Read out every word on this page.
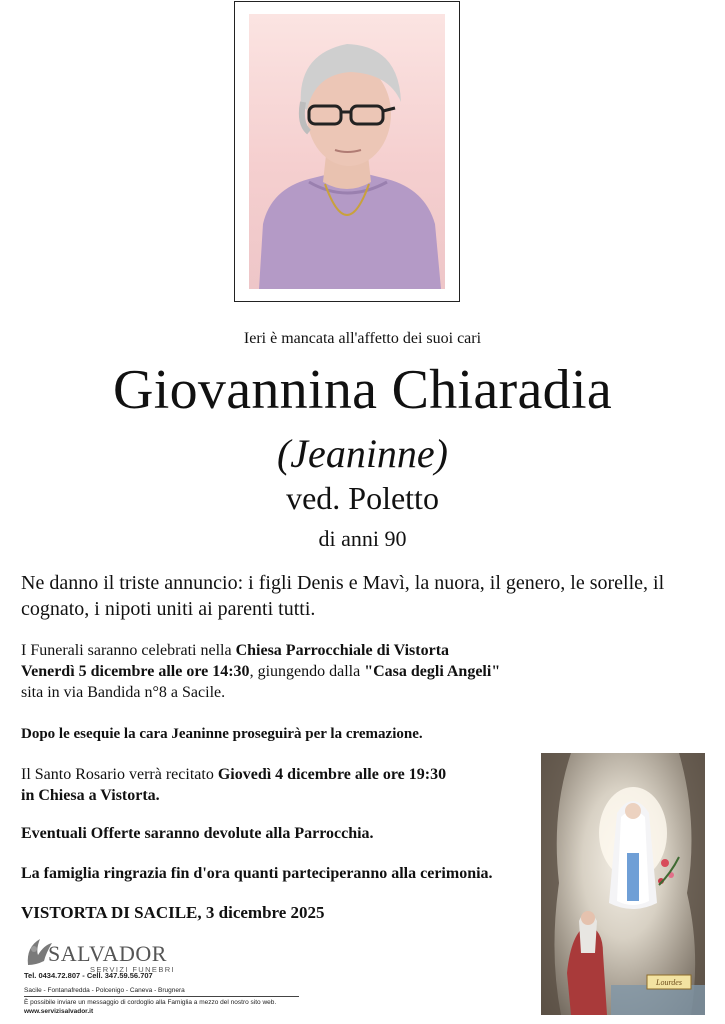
Ieri è mancata all'affetto dei suoi cari
Giovannina Chiaradia
(Jeaninne)
ved. Poletto
di anni 90
Ne danno il triste annuncio: i figli Denis e Mavì, la nuora, il genero, le sorelle, il cognato, i nipoti uniti ai parenti tutti.
I Funerali saranno celebrati nella Chiesa Parrocchiale di Vistorta
Venerdì 5 dicembre alle ore 14:30, giungendo dalla "Casa degli Angeli"
sita in via Bandida n°8 a Sacile.
Dopo le esequie la cara Jeaninne proseguirà per la cremazione.
Il Santo Rosario verrà recitato Giovedì 4 dicembre alle ore 19:30
in Chiesa a Vistorta.
Eventuali Offerte saranno devolute alla Parrocchia.
La famiglia ringrazia fin d'ora quanti parteciperanno alla cerimonia.
VISTORTA DI SACILE, 3 dicembre 2025
Lourdes
SALVADOR
SERVIZI FUNEBRI
Tel. 0434.72.807 - Cell. 347.59.56.707
Sacile - Fontanafredda - Polcenigo - Caneva - Brugnera
È possibile inviare un messaggio di cordoglio alla Famiglia a mezzo del nostro sito web.
www.servizisalvador.it
